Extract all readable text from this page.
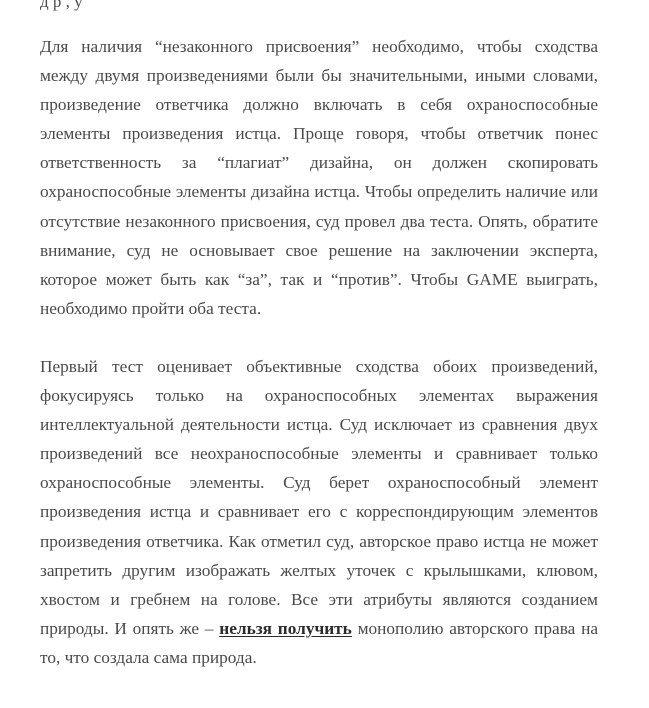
д р , у

Для наличия “незаконного присвоения” необходимо, чтобы сходства между двумя произведениями были бы значительными, иными словами, произведение ответчика должно включать в себя охраноспособные элементы произведения истца. Проще говоря, чтобы ответчик понес ответственность за “плагиат” дизайна, он должен скопировать охраноспособные элементы дизайна истца. Чтобы определить наличие или отсутствие незаконного присвоения, суд провел два теста. Опять, обратите внимание, суд не основывает свое решение на заключении эксперта, которое может быть как “за”, так и “против”. Чтобы GAME выиграть, необходимо пройти оба теста.

Первый тест оценивает объективные сходства обоих произведений, фокусируясь только на охраноспособных элементах выражения интеллектуальной деятельности истца. Суд исключает из сравнения двух произведений все неохраноспособные элементы и сравнивает только охраноспособные элементы. Суд берет охраноспособный элемент произведения истца и сравнивает его с корреспондирующим элементов произведения ответчика. Как отметил суд, авторское право истца не может запретить другим изображать желтых уточек с крылышками, клювом, хвостом и гребнем на голове. Все эти атрибуты являются созданием природы. И опять же – нельзя получить монополию авторского права на то, что создала сама природа.
